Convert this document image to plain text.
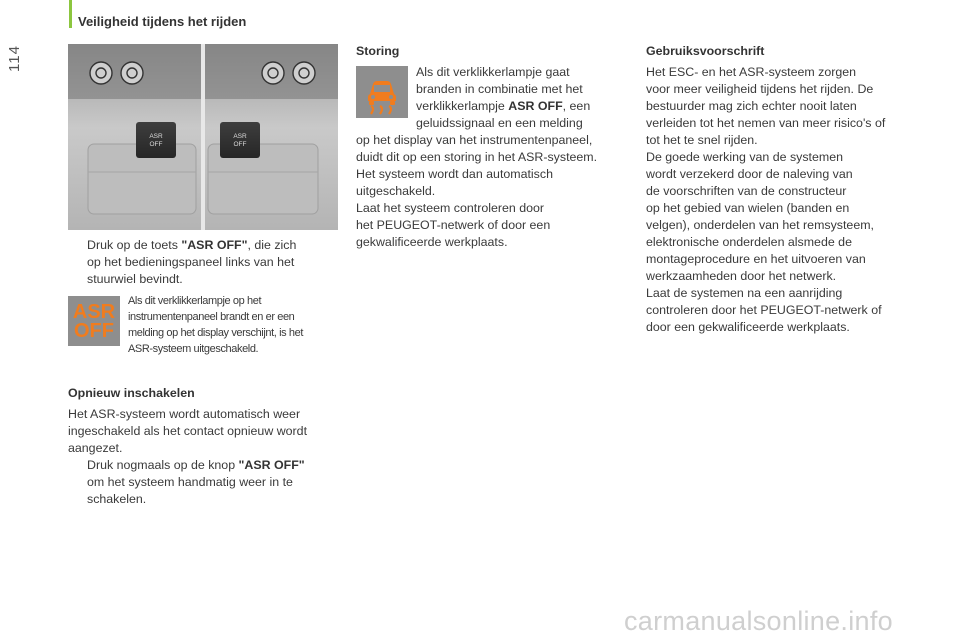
Veiligheid tijdens het rijden
114
ASR
OFF
ASR
OFF
Druk op de toets "ASR OFF", die zich
op het bedieningspaneel links van het
stuurwiel bevindt.
ASR
OFF
Als dit verklikkerlampje op het
instrumentenpaneel brandt en er een
melding op het display verschijnt, is het
ASR-systeem uitgeschakeld.
Opnieuw inschakelen
Het ASR-systeem wordt automatisch weer
ingeschakeld als het contact opnieuw wordt
aangezet.
Druk nogmaals op de knop "ASR OFF"
om het systeem handmatig weer in te
schakelen.
Storing
Als dit verklikkerlampje gaat
branden in combinatie met het
verklikkerlampje ASR OFF, een
geluidssignaal en een melding
op het display van het instrumentenpaneel,
duidt dit op een storing in het ASR-systeem.
Het systeem wordt dan automatisch
uitgeschakeld.
Laat het systeem controleren door
het PEUGEOT-netwerk of door een
gekwalificeerde werkplaats.
Gebruiksvoorschrift
Het ESC- en het ASR-systeem zorgen
voor meer veiligheid tijdens het rijden. De
bestuurder mag zich echter nooit laten
verleiden tot het nemen van meer risico's of
tot het te snel rijden.
De goede werking van de systemen
wordt verzekerd door de naleving van
de voorschriften van de constructeur
op het gebied van wielen (banden en
velgen), onderdelen van het remsysteem,
elektronische onderdelen alsmede de
montageprocedure en het uitvoeren van
werkzaamheden door het netwerk.
Laat de systemen na een aanrijding
controleren door het PEUGEOT-netwerk of
door een gekwalificeerde werkplaats.
carmanualsonline.info
